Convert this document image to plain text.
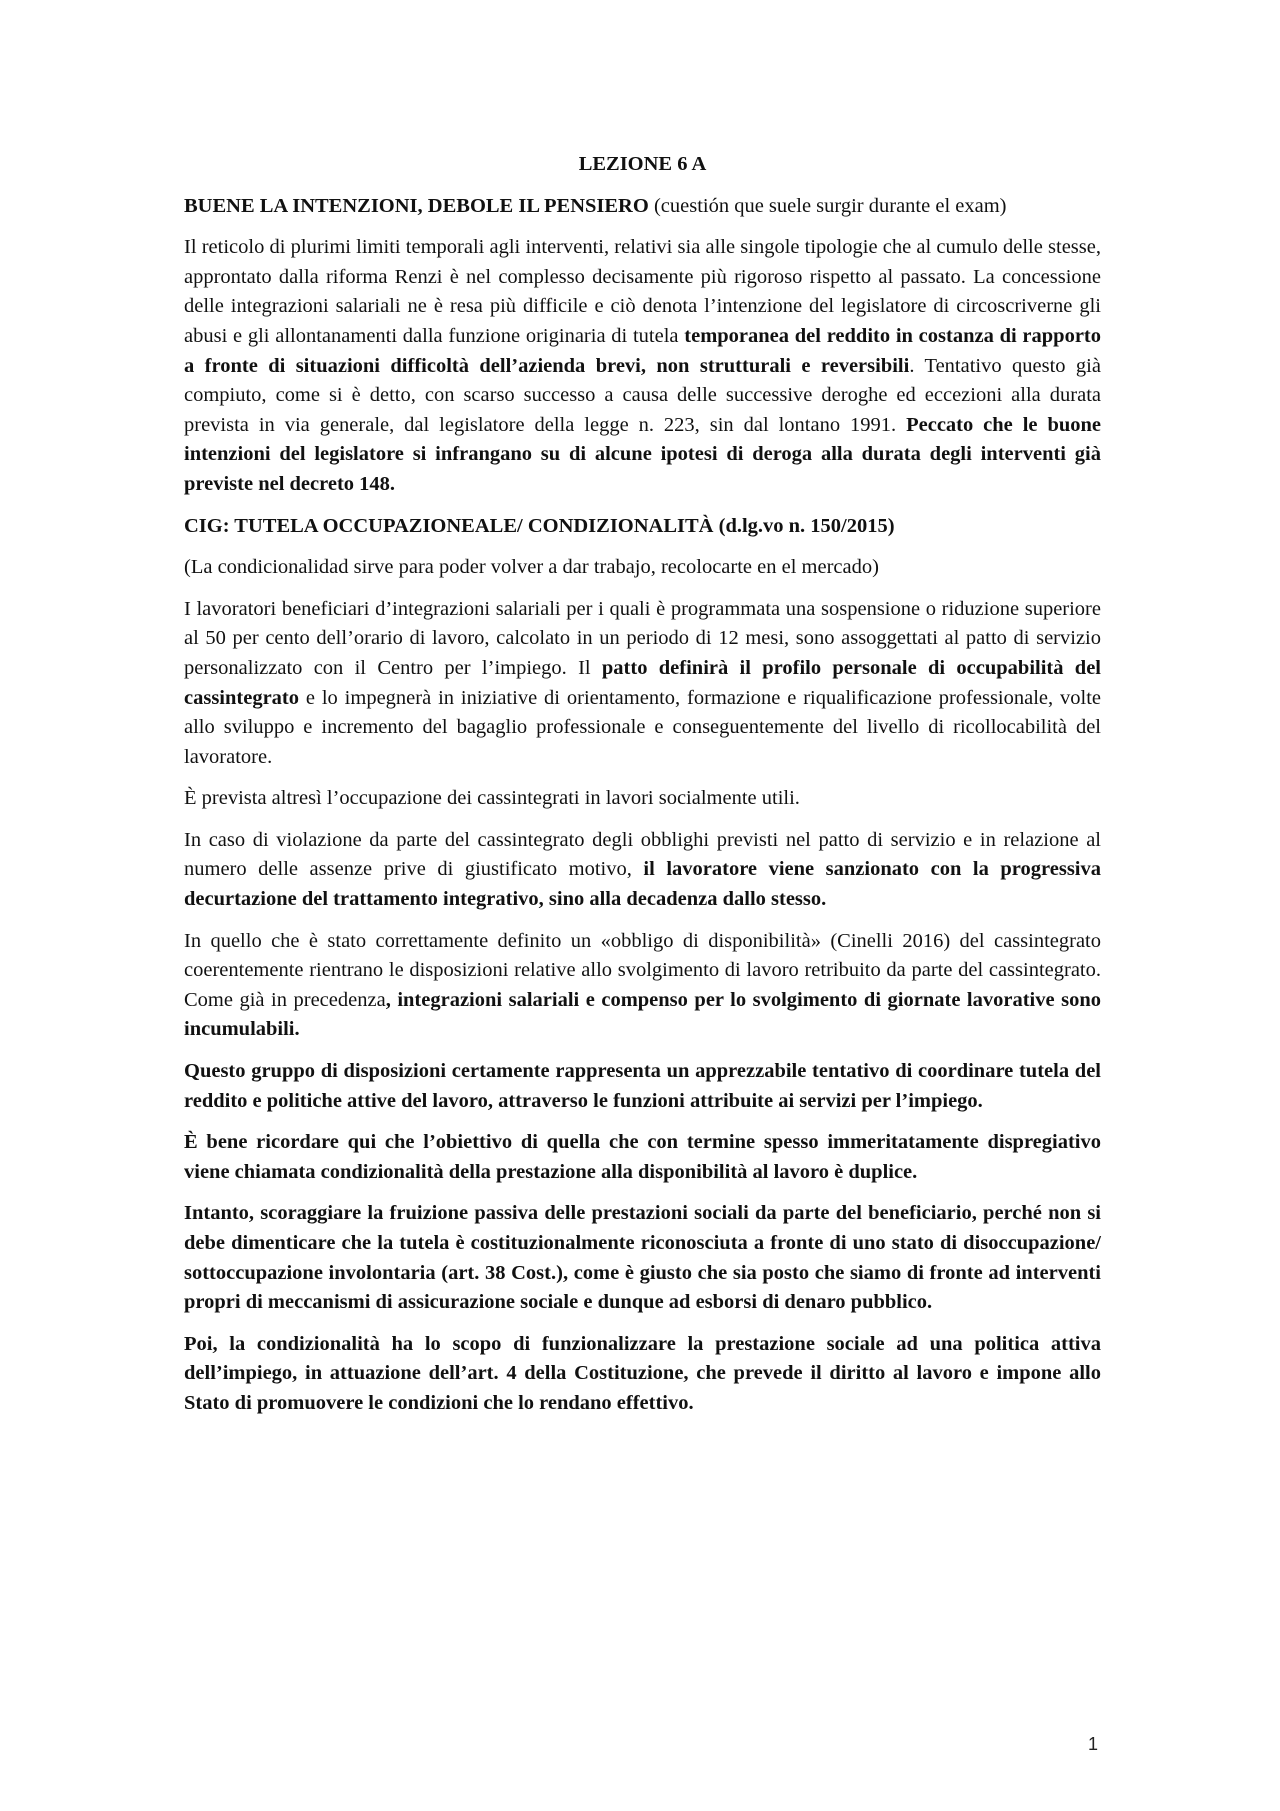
LEZIONE 6 A

BUENE LA INTENZIONI, DEBOLE IL PENSIERO (cuestión que suele surgir durante el exam)

Il reticolo di plurimi limiti temporali agli interventi, relativi sia alle singole tipologie che al cumulo delle stesse, approntato dalla riforma Renzi è nel complesso decisamente più rigoroso rispetto al passato. La concessione delle integrazioni salariali ne è resa più difficile e ciò denota l’intenzione del legislatore di circoscriverne gli abusi e gli allontanamenti dalla funzione originaria di tutela temporanea del reddito in costanza di rapporto a fronte di situazioni difficoltà dell’azienda brevi, non strutturali e reversibili. Tentativo questo già compiuto, come si è detto, con scarso successo a causa delle successive deroghe ed eccezioni alla durata prevista in via generale, dal legislatore della legge n. 223, sin dal lontano 1991. Peccato che le buone intenzioni del legislatore si infrangano su di alcune ipotesi di deroga alla durata degli interventi già previste nel decreto 148.

CIG: TUTELA OCCUPAZIONEALE/ CONDIZIONALITÀ (d.lg.vo n. 150/2015)

(La condicionalidad sirve para poder volver a dar trabajo, recolocarte en el mercado)

I lavoratori beneficiari d’integrazioni salariali per i quali è programmata una sospensione o riduzione superiore al 50 per cento dell’orario di lavoro, calcolato in un periodo di 12 mesi, sono assoggettati al patto di servizio personalizzato con il Centro per l’impiego. Il patto definirà il profilo personale di occupabilità del cassintegrato e lo impegnerà in iniziative di orientamento, formazione e riqualificazione professionale, volte allo sviluppo e incremento del bagaglio professionale e conseguentemente del livello di ricollocabilità del lavoratore.

È prevista altresì l’occupazione dei cassintegrati in lavori socialmente utili.

In caso di violazione da parte del cassintegrato degli obblighi previsti nel patto di servizio e in relazione al numero delle assenze prive di giustificato motivo, il lavoratore viene sanzionato con la progressiva decurtazione del trattamento integrativo, sino alla decadenza dallo stesso.

In quello che è stato correttamente definito un «obbligo di disponibilità» (Cinelli 2016) del cassintegrato coerentemente rientrano le disposizioni relative allo svolgimento di lavoro retribuito da parte del cassintegrato. Come già in precedenza, integrazioni salariali e compenso per lo svolgimento di giornate lavorative sono incumulabili.

Questo gruppo di disposizioni certamente rappresenta un apprezzabile tentativo di coordinare tutela del reddito e politiche attive del lavoro, attraverso le funzioni attribuite ai servizi per l’impiego.

È bene ricordare qui che l’obiettivo di quella che con termine spesso immeritatamente dispregiativo viene chiamata condizionalità della prestazione alla disponibilità al lavoro è duplice.

Intanto, scoraggiare la fruizione passiva delle prestazioni sociali da parte del beneficiario, perché non si debe dimenticare che la tutela è costituzionalmente riconosciuta a fronte di uno stato di disoccupazione/ sottoccupazione involontaria (art. 38 Cost.), come è giusto che sia posto che siamo di fronte ad interventi propri di meccanismi di assicurazione sociale e dunque ad esborsi di denaro pubblico.

Poi, la condizionalità ha lo scopo di funzionalizzare la prestazione sociale ad una politica attiva dell’impiego, in attuazione dell’art. 4 della Costituzione, che prevede il diritto al lavoro e impone allo Stato di promuovere le condizioni che lo rendano effettivo.

1
